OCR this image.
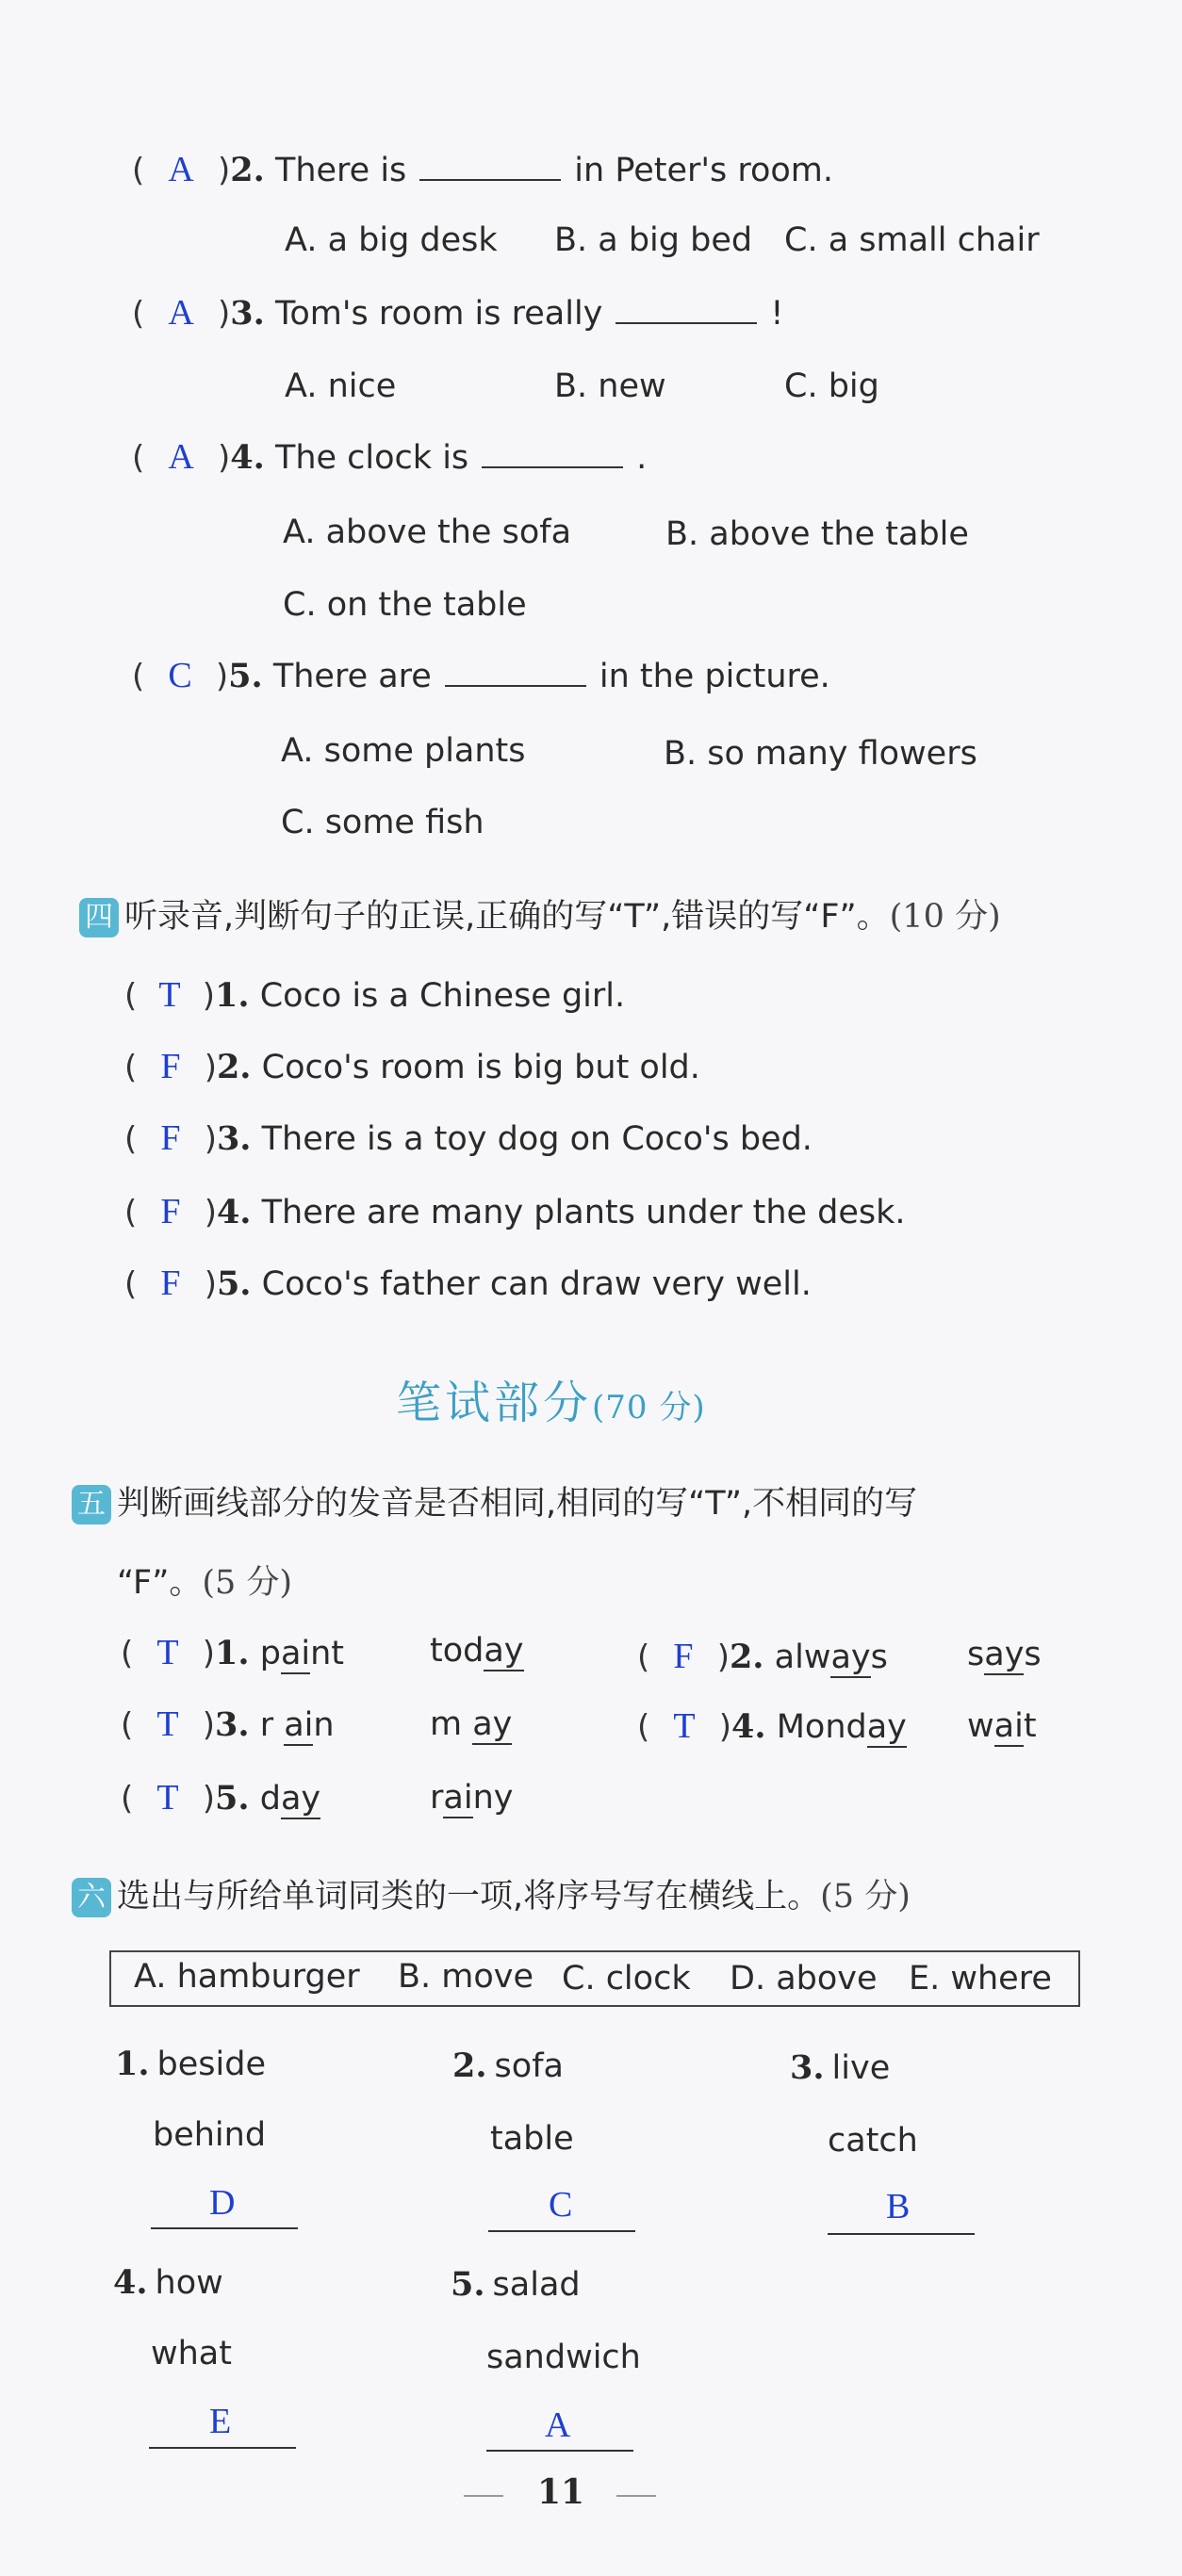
( A )2. There is	in Peter's room.
A. a big desk B. a big bed C. a small chair
( A )3. Tom's room is really	!
A. nice	B. new	C. big
( A )4. The clock is	.
A. above the sofa	B. above the table
C. on the table
( C )5. There are	in the picture.
A. some plants	B. so many flowers
C. some fish
四 听录音,判断句子的正误,正确的写“T”,错误的写“F”。(10 分)
( T )1. Coco is a Chinese girl.
( F )2. Coco's room is big but old.
( F )3. There is a toy dog on Coco's bed.
( F )4. There are many plants under the desk.
( F )5. Coco's father can draw very well.
笔试部分(70 分)
五 判断画线部分的发音是否相同,相同的写“T”,不相同的写
“F”。(5 分)
( T )1. paint	today	( F )2. always says
( T )3. r ain	m ay	( T )4. Monday wait
( T )5. day	rainy
六 选出与所给单词同类的一项,将序号写在横线上。(5 分)
A. hamburger B. move C. clock D. above E. where
1. beside
behind
D
2. sofa
table
C
3. live
catch
B
4. how
what
E
5. salad
sandwich
A
11
